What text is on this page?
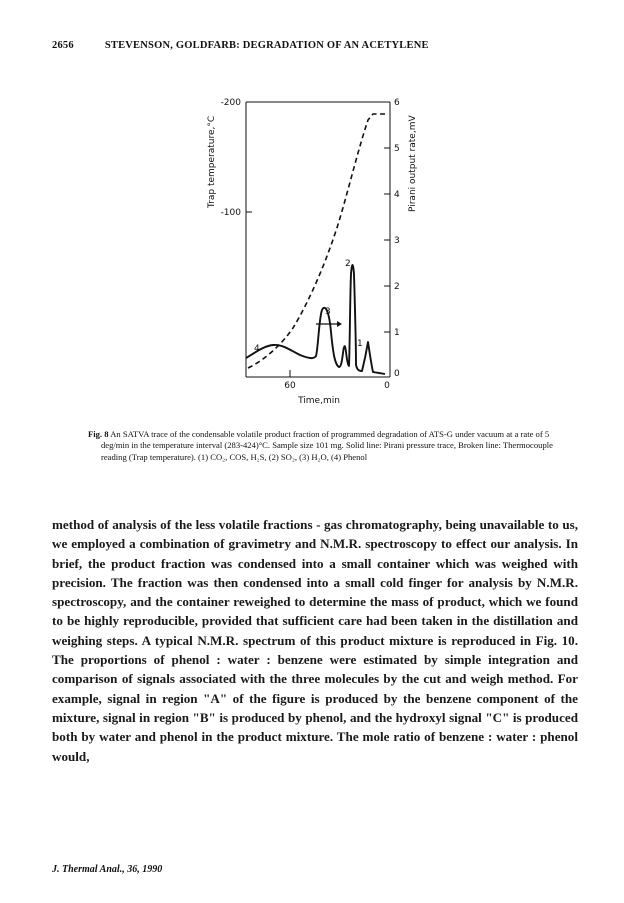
2656	STEVENSON, GOLDFARB: DEGRADATION OF AN ACETYLENE
-200
-100
6
5
4
3
2
1
0
60	0
Time,min
Trap temperature,°C	Pirani output rate,mV
4
3
2
1

Fig. 8 An SATVA trace of the condensable volatile product fraction of programmed degradation of ATS-G under vacuum at a rate of 5 deg/min in the temperature interval (283-424)°C. Sample size 101 mg. Solid line: Pirani pressure trace, Broken line: Thermocouple reading (Trap temperature). (1) CO₂, COS, H₂S, (2) SO₂, (3) H₂O, (4) Phenol

method of analysis of the less volatile fractions - gas chromatography, being unavailable to us, we employed a combination of gravimetry and N.M.R. spectroscopy to effect our analysis. In brief, the product fraction was condensed into a small container which was weighed with precision. The fraction was then condensed into a small cold finger for analysis by N.M.R. spectroscopy, and the container reweighed to determine the mass of product, which we found to be highly reproducible, provided that sufficient care had been taken in the distillation and weighing steps. A typical N.M.R. spectrum of this product mixture is reproduced in Fig. 10. The proportions of phenol : water : benzene were estimated by simple integration and comparison of signals associated with the three molecules by the cut and weigh method. For example, signal in region "A" of the figure is produced by the benzene component of the mixture, signal in region "B" is produced by phenol, and the hydroxyl signal "C" is produced both by water and phenol in the product mixture. The mole ratio of benzene : water : phenol would,

J. Thermal Anal., 36, 1990
